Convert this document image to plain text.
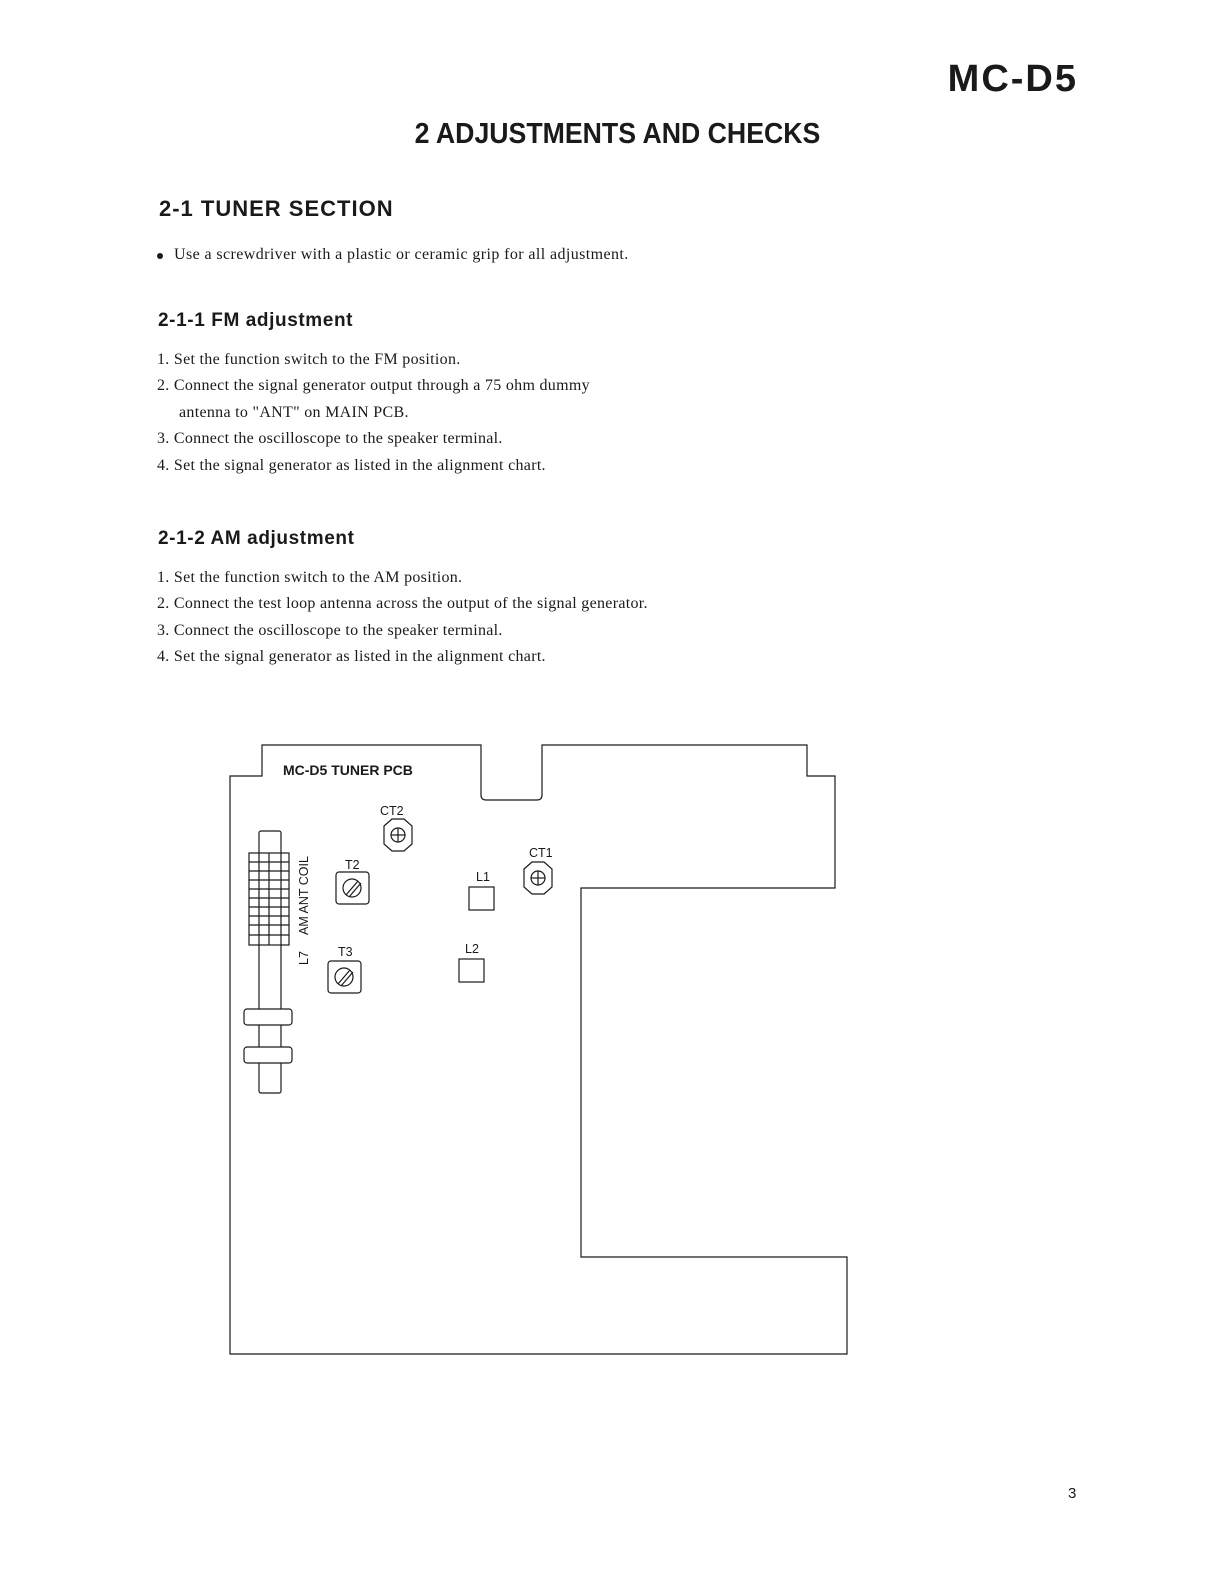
MC-D5
2 ADJUSTMENTS AND CHECKS
2-1 TUNER SECTION
Use a screwdriver with a plastic or ceramic grip for all adjustment.
2-1-1 FM adjustment
1. Set the function switch to the FM position.
2. Connect the signal generator output through a 75 ohm dummy
antenna to "ANT" on MAIN PCB.
3. Connect the oscilloscope to the speaker terminal.
4. Set the signal generator as listed in the alignment chart.
2-1-2 AM adjustment
1. Set the function switch to the AM position.
2. Connect the test loop antenna across the output of the signal generator.
3. Connect the oscilloscope to the speaker terminal.
4. Set the signal generator as listed in the alignment chart.
MC-D5 TUNER PCB
CT2
CT1
T2
T3
L1
L2
L7
AM ANT COIL
3
